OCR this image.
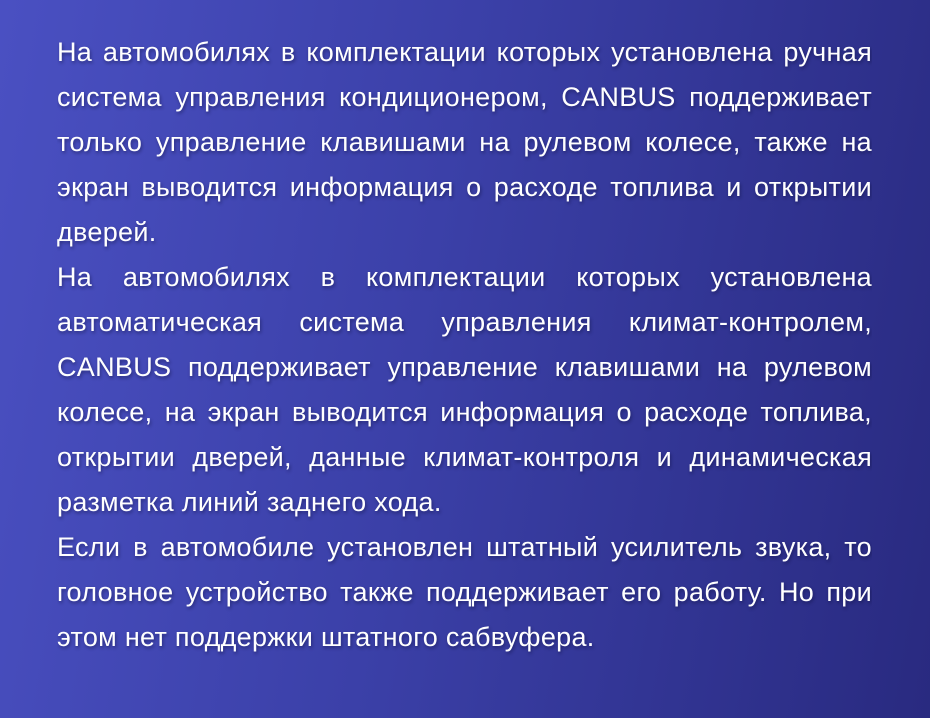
На автомобилях в комплектации которых установлена ручная
система управления кондиционером, CANBUS поддерживает
только управление клавишами на рулевом колесе, также на
экран выводится информация о расходе топлива и открытии
дверей.
На автомобилях в комплектации которых установлена
автоматическая система управления климат-контролем,
CANBUS поддерживает управление клавишами на рулевом
колесе, на экран выводится информация о расходе топлива,
открытии дверей, данные климат-контроля и динамическая
разметка линий заднего хода.
Если в автомобиле установлен штатный усилитель звука, то
головное устройство также поддерживает его работу. Но при
этом нет поддержки штатного сабвуфера.
